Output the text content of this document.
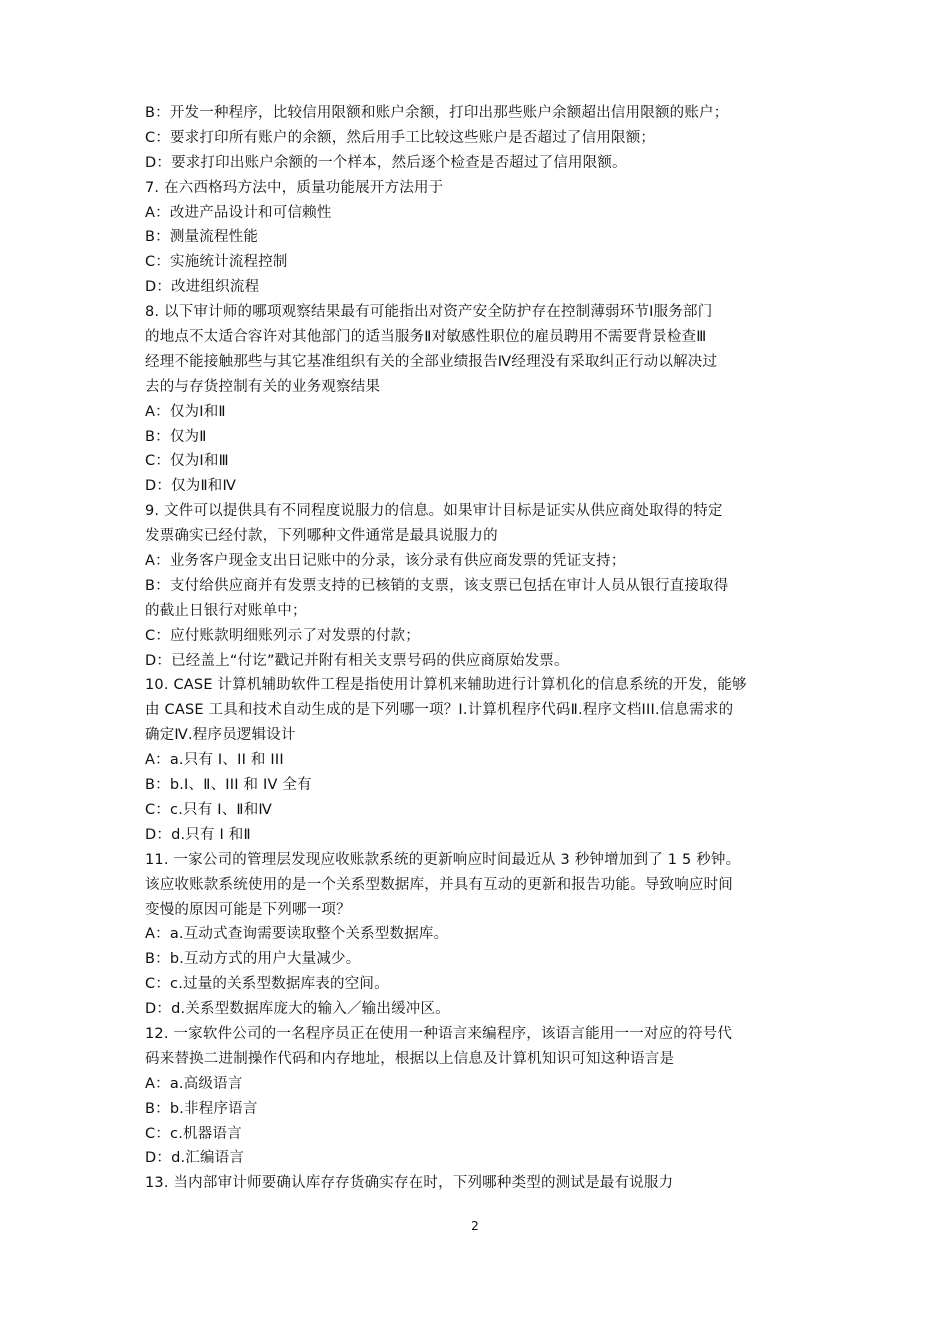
B：开发一种程序，比较信用限额和账户余额，打印出那些账户余额超出信用限额的账户；
C：要求打印所有账户的余额，然后用手工比较这些账户是否超过了信用限额；
D：要求打印出账户余额的一个样本，然后逐个检查是否超过了信用限额。
7. 在六西格玛方法中，质量功能展开方法用于
A：改进产品设计和可信赖性
B：测量流程性能
C：实施统计流程控制
D：改进组织流程
8. 以下审计师的哪项观察结果最有可能指出对资产安全防护存在控制薄弱环节Ⅰ服务部门
的地点不太适合容许对其他部门的适当服务Ⅱ对敏感性职位的雇员聘用不需要背景检查Ⅲ
经理不能接触那些与其它基准组织有关的全部业绩报告Ⅳ经理没有采取纠正行动以解决过
去的与存货控制有关的业务观察结果
A：仅为Ⅰ和Ⅱ
B：仅为Ⅱ
C：仅为Ⅰ和Ⅲ
D：仅为Ⅱ和Ⅳ
9. 文件可以提供具有不同程度说服力的信息。如果审计目标是证实从供应商处取得的特定
发票确实已经付款，下列哪种文件通常是最具说服力的
A：业务客户现金支出日记账中的分录，该分录有供应商发票的凭证支持；
B：支付给供应商并有发票支持的已核销的支票，该支票已包括在审计人员从银行直接取得
的截止日银行对账单中；
C：应付账款明细账列示了对发票的付款；
D：已经盖上“付讫”戳记并附有相关支票号码的供应商原始发票。
10. CASE 计算机辅助软件工程是指使用计算机来辅助进行计算机化的信息系统的开发，能够
由 CASE 工具和技术自动生成的是下列哪一项？I.计算机程序代码Ⅱ.程序文档III.信息需求的
确定Ⅳ.程序员逻辑设计
A：a.只有 I、II 和 III
B：b.I、Ⅱ、III 和 IV 全有
C：c.只有 I、Ⅱ和Ⅳ
D：d.只有 I 和Ⅱ
11. 一家公司的管理层发现应收账款系统的更新响应时间最近从 3 秒钟增加到了 1 5 秒钟。
该应收账款系统使用的是一个关系型数据库，并具有互动的更新和报告功能。导致响应时间
变慢的原因可能是下列哪一项？
A：a.互动式查询需要读取整个关系型数据库。
B：b.互动方式的用户大量减少。
C：c.过量的关系型数据库表的空间。
D：d.关系型数据库庞大的输入／输出缓冲区。
12. 一家软件公司的一名程序员正在使用一种语言来编程序，该语言能用一一对应的符号代
码来替换二进制操作代码和内存地址，根据以上信息及计算机知识可知这种语言是
A：a.高级语言
B：b.非程序语言
C：c.机器语言
D：d.汇编语言
13. 当内部审计师要确认库存存货确实存在时，下列哪种类型的测试是最有说服力
2
